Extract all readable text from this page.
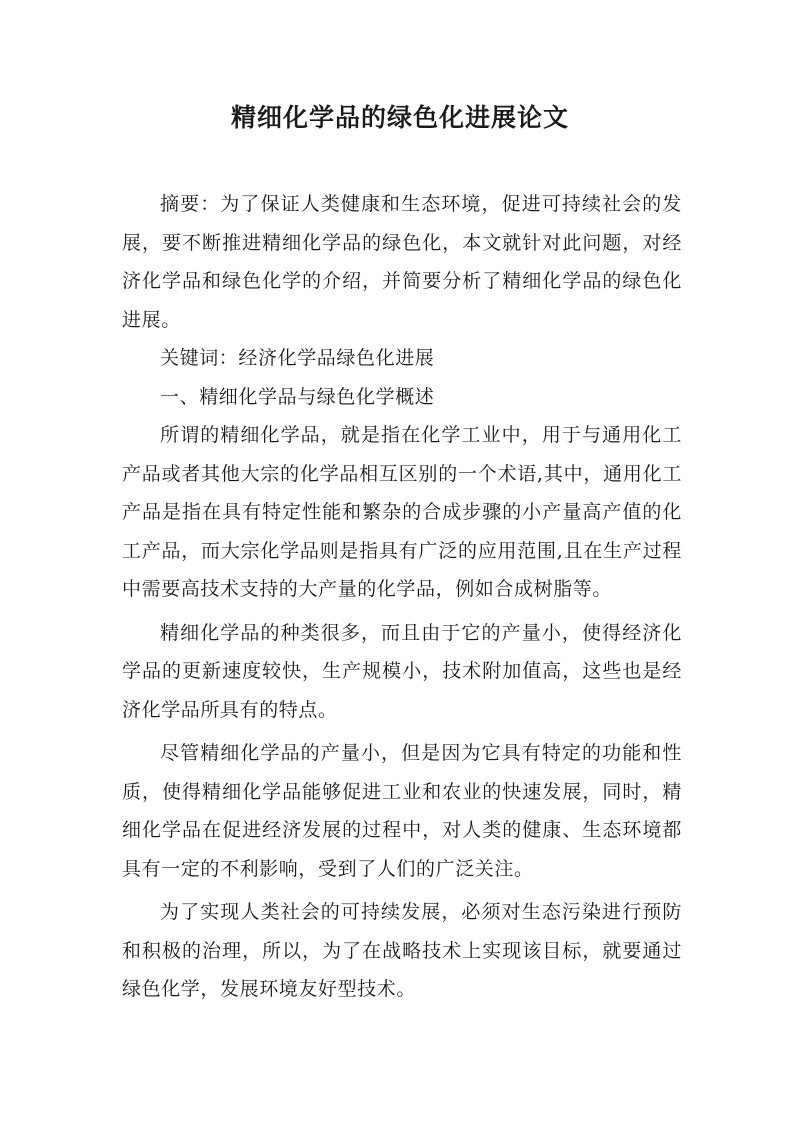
精细化学品的绿色化进展论文

摘要：为了保证人类健康和生态环境，促进可持续社会的发展，要不断推进精细化学品的绿色化，本文就针对此问题，对经济化学品和绿色化学的介绍，并简要分析了精细化学品的绿色化进展。

关键词：经济化学品绿色化进展

一、精细化学品与绿色化学概述

所谓的精细化学品，就是指在化学工业中，用于与通用化工产品或者其他大宗的化学品相互区别的一个术语,其中，通用化工产品是指在具有特定性能和繁杂的合成步骤的小产量高产值的化工产品，而大宗化学品则是指具有广泛的应用范围,且在生产过程中需要高技术支持的大产量的化学品，例如合成树脂等。

精细化学品的种类很多，而且由于它的产量小，使得经济化学品的更新速度较快，生产规模小，技术附加值高，这些也是经济化学品所具有的特点。

尽管精细化学品的产量小，但是因为它具有特定的功能和性质，使得精细化学品能够促进工业和农业的快速发展，同时，精细化学品在促进经济发展的过程中，对人类的健康、生态环境都具有一定的不利影响，受到了人们的广泛关注。

为了实现人类社会的可持续发展，必须对生态污染进行预防和积极的治理，所以，为了在战略技术上实现该目标，就要通过绿色化学，发展环境友好型技术。
